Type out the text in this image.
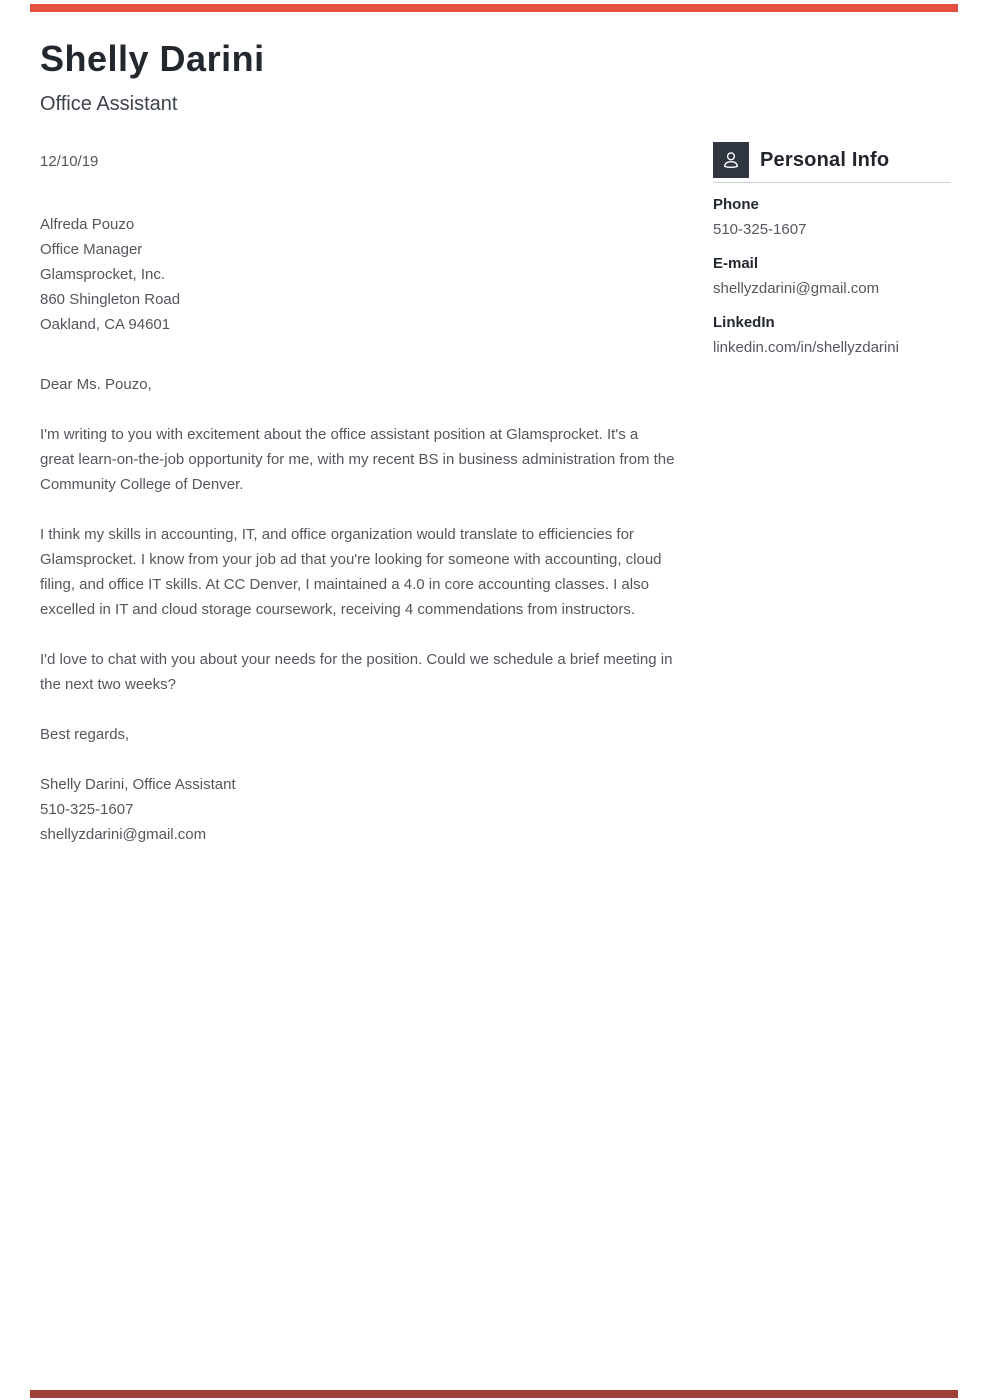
Shelly Darini
Office Assistant
12/10/19
Alfreda Pouzo
Office Manager
Glamsprocket, Inc.
860 Shingleton Road
Oakland, CA 94601
Dear Ms. Pouzo,
I'm writing to you with excitement about the office assistant position at Glamsprocket. It's a great learn-on-the-job opportunity for me, with my recent BS in business administration from the Community College of Denver.
I think my skills in accounting, IT, and office organization would translate to efficiencies for Glamsprocket. I know from your job ad that you're looking for someone with accounting, cloud filing, and office IT skills. At CC Denver, I maintained a 4.0 in core accounting classes. I also excelled in IT and cloud storage coursework, receiving 4 commendations from instructors.
I'd love to chat with you about your needs for the position. Could we schedule a brief meeting in the next two weeks?
Best regards,
Shelly Darini, Office Assistant
510-325-1607
shellyzdarini@gmail.com
Personal Info
Phone
510-325-1607
E-mail
shellyzdarini@gmail.com
LinkedIn
linkedin.com/in/shellyzdarini
